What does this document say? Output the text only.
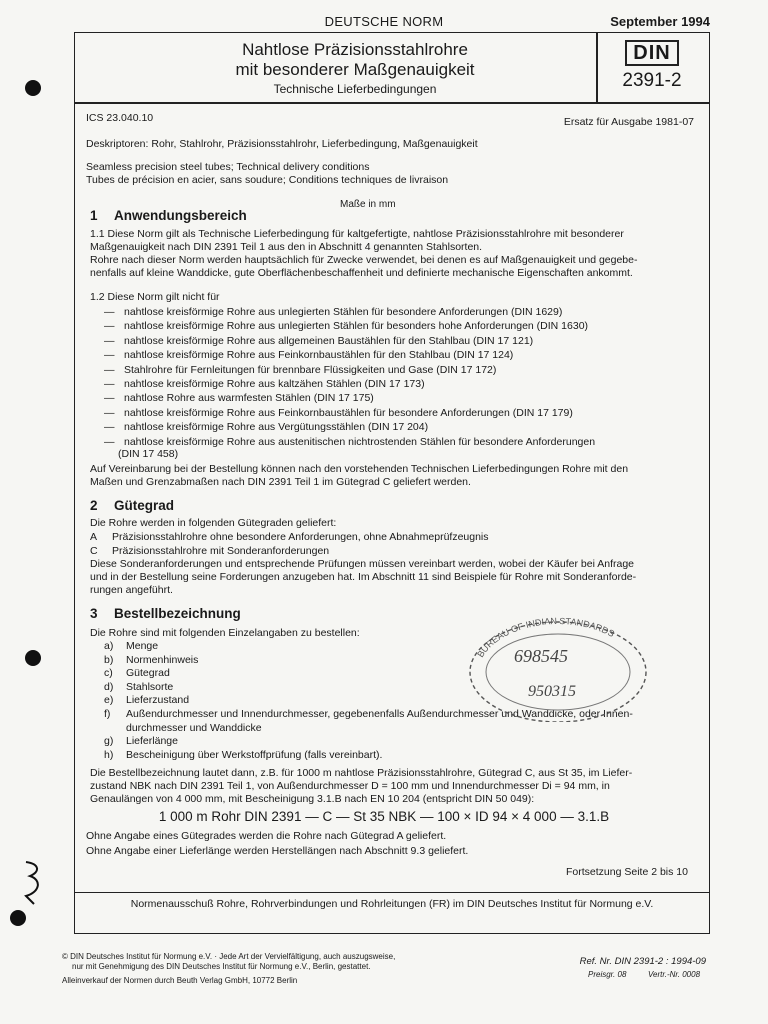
DEUTSCHE NORM	September 1994
Nahtlose Präzisionsstahlrohre
mit besonderer Maßgenauigkeit
Technische Lieferbedingungen
DIN
2391-2
ICS 23.040.10	Ersatz für Ausgabe 1981-07
Deskriptoren: Rohr, Stahlrohr, Präzisionsstahlrohr, Lieferbedingung, Maßgenauigkeit
Seamless precision steel tubes; Technical delivery conditions
Tubes de précision en acier, sans soudure; Conditions techniques de livraison
Maße in mm
1 Anwendungsbereich
1.1 Diese Norm gilt als Technische Lieferbedingung für kaltgefertigte, nahtlose Präzisionsstahlrohre mit besonderer
Maßgenauigkeit nach DIN 2391 Teil 1 aus den in Abschnitt 4 genannten Stahlsorten.
Rohre nach dieser Norm werden hauptsächlich für Zwecke verwendet, bei denen es auf Maßgenauigkeit und gegebe-
nenfalls auf kleine Wanddicke, gute Oberflächenbeschaffenheit und definierte mechanische Eigenschaften ankommt.
1.2 Diese Norm gilt nicht für
— nahtlose kreisförmige Rohre aus unlegierten Stählen für besondere Anforderungen (DIN 1629)
— nahtlose kreisförmige Rohre aus unlegierten Stählen für besonders hohe Anforderungen (DIN 1630)
— nahtlose kreisförmige Rohre aus allgemeinen Baustählen für den Stahlbau (DIN 17 121)
— nahtlose kreisförmige Rohre aus Feinkornbaustählen für den Stahlbau (DIN 17 124)
— Stahlrohre für Fernleitungen für brennbare Flüssigkeiten und Gase (DIN 17 172)
— nahtlose kreisförmige Rohre aus kaltzähen Stählen (DIN 17 173)
— nahtlose Rohre aus warmfesten Stählen (DIN 17 175)
— nahtlose kreisförmige Rohre aus Feinkornbaustählen für besondere Anforderungen (DIN 17 179)
— nahtlose kreisförmige Rohre aus Vergütungsstählen (DIN 17 204)
— nahtlose kreisförmige Rohre aus austenitischen nichtrostenden Stählen für besondere Anforderungen
(DIN 17 458)
Auf Vereinbarung bei der Bestellung können nach den vorstehenden Technischen Lieferbedingungen Rohre mit den
Maßen und Grenzabmaßen nach DIN 2391 Teil 1 im Gütegrad C geliefert werden.
2 Gütegrad
Die Rohre werden in folgenden Gütegraden geliefert:
A Präzisionsstahlrohre ohne besondere Anforderungen, ohne Abnahmeprüfzeugnis
C Präzisionsstahlrohre mit Sonderanforderungen
Diese Sonderanforderungen und entsprechende Prüfungen müssen vereinbart werden, wobei der Käufer bei Anfrage
und in der Bestellung seine Forderungen anzugeben hat. Im Abschnitt 11 sind Beispiele für Rohre mit Sonderanforde-
rungen angeführt.
3 Bestellbezeichnung
Die Rohre sind mit folgenden Einzelangaben zu bestellen:
a) Menge
b) Normenhinweis
c) Gütegrad
d) Stahlsorte
e) Lieferzustand
f) Außendurchmesser und Innendurchmesser, gegebenenfalls Außendurchmesser und Wanddicke, oder Innen-
durchmesser und Wanddicke
g) Lieferlänge
h) Bescheinigung über Werkstoffprüfung (falls vereinbart).
Die Bestellbezeichnung lautet dann, z.B. für 1000 m nahtlose Präzisionsstahlrohre, Gütegrad C, aus St 35, im Liefer-
zustand NBK nach DIN 2391 Teil 1, von Außendurchmesser D = 100 mm und Innendurchmesser Di = 94 mm, in
Genaulängen von 4 000 mm, mit Bescheinigung 3.1.B nach EN 10 204 (entspricht DIN 50 049):
1 000 m Rohr DIN 2391 — C — St 35 NBK — 100 × ID 94 × 4 000 — 3.1.B
Ohne Angabe eines Gütegrades werden die Rohre nach Gütegrad A geliefert.
Ohne Angabe einer Lieferlänge werden Herstellängen nach Abschnitt 9.3 geliefert.
BUREAU OF INDIAN STANDARDS
698545
950315
Fortsetzung Seite 2 bis 10
Normenausschuß Rohre, Rohrverbindungen und Rohrleitungen (FR) im DIN Deutsches Institut für Normung e.V.
© DIN Deutsches Institut für Normung e.V. · Jede Art der Vervielfältigung, auch auszugsweise,
nur mit Genehmigung des DIN Deutsches Institut für Normung e.V., Berlin, gestattet.
Alleinverkauf der Normen durch Beuth Verlag GmbH, 10772 Berlin
Ref. Nr. DIN 2391-2 : 1994-09
Preisgr. 08	Vertr.-Nr. 0008
